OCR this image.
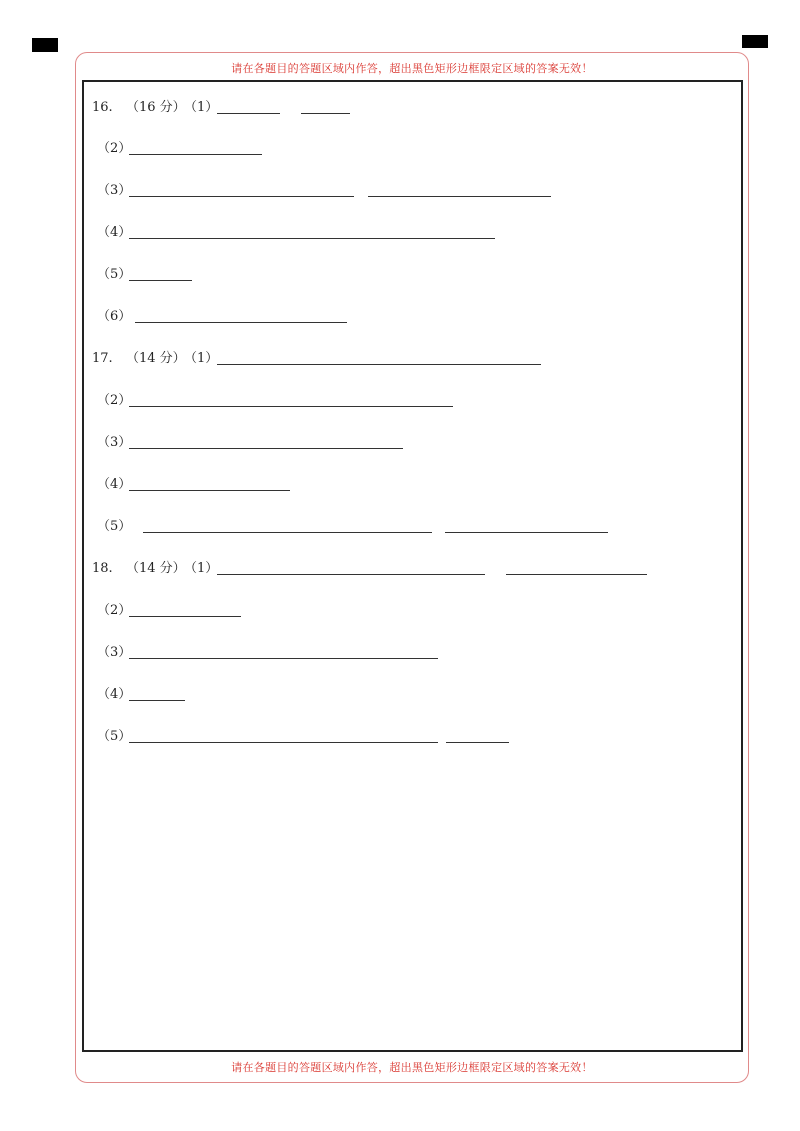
请在各题目的答题区域内作答，超出黑色矩形边框限定区域的答案无效！
请在各题目的答题区域内作答，超出黑色矩形边框限定区域的答案无效！
16. （16 分）
（1）
（2）
（3）
（4）
（5）
（6）
17. （14 分）
（1）
（2）
（3）
（4）
（5）
18. （14 分）
（1）
（2）
（3）
（4）
（5）
